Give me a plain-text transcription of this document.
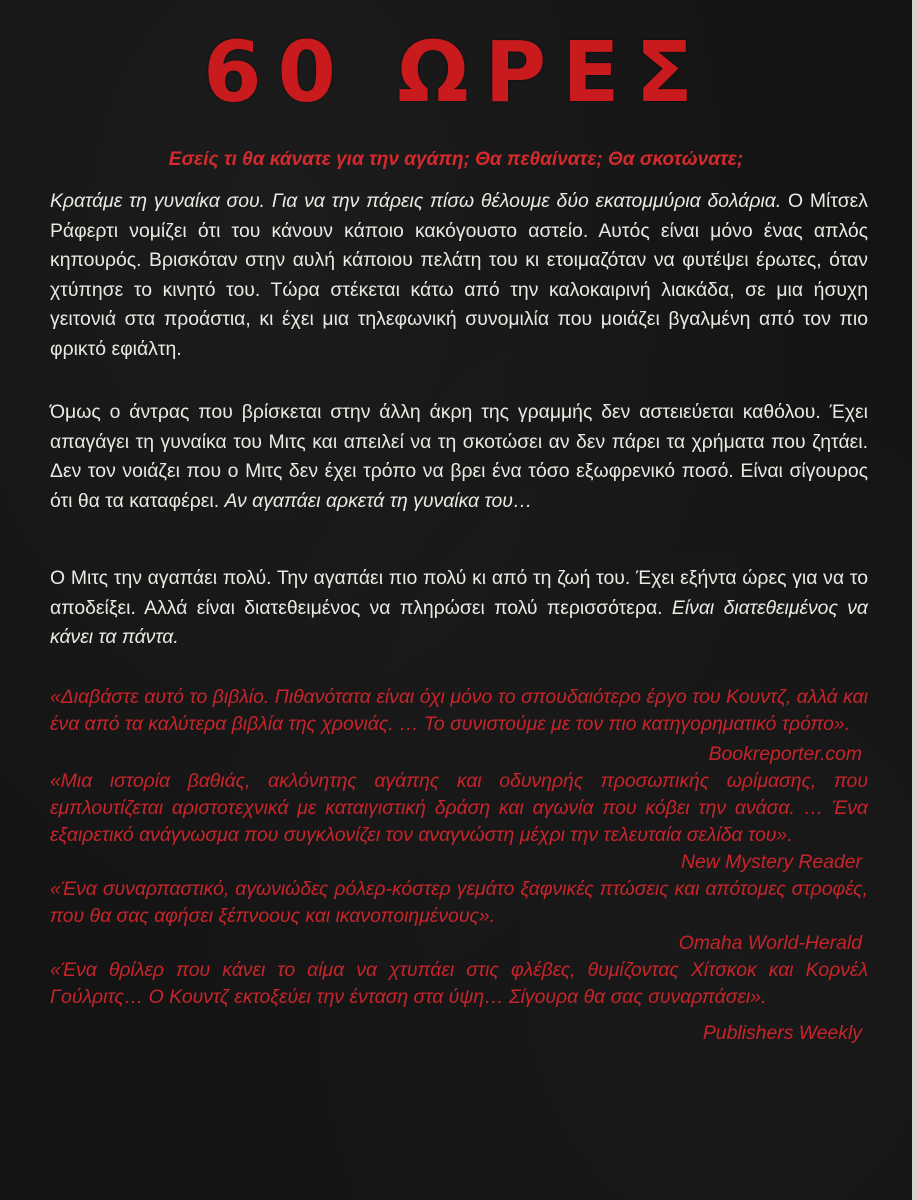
60 ΩΡΕΣ
Εσείς τι θα κάνατε για την αγάπη; Θα πεθαίνατε; Θα σκοτώνατε;
Κρατάμε τη γυναίκα σου. Για να την πάρεις πίσω θέλουμε δύο εκατομμύρια δολάρια. Ο Μίτσελ Ράφερτι νομίζει ότι του κάνουν κάποιο κακόγουστο αστείο. Αυτός είναι μόνο ένας απλός κηπουρός. Βρισκόταν στην αυλή κάποιου πελάτη του κι ετοιμαζόταν να φυτέψει έρωτες, όταν χτύπησε το κινητό του. Τώρα στέκεται κάτω από την καλοκαιρινή λιακάδα, σε μια ήσυχη γειτονιά στα προάστια, κι έχει μια τηλεφωνική συνομιλία που μοιάζει βγαλμένη από τον πιο φρικτό εφιάλτη.
Όμως ο άντρας που βρίσκεται στην άλλη άκρη της γραμμής δεν αστειεύεται καθόλου. Έχει απαγάγει τη γυναίκα του Μιτς και απειλεί να τη σκοτώσει αν δεν πάρει τα χρήματα που ζητάει. Δεν τον νοιάζει που ο Μιτς δεν έχει τρόπο να βρει ένα τόσο εξωφρενικό ποσό. Είναι σίγουρος ότι θα τα καταφέρει. Αν αγαπάει αρκετά τη γυναίκα του…
Ο Μιτς την αγαπάει πολύ. Την αγαπάει πιο πολύ κι από τη ζωή του. Έχει εξήντα ώρες για να το αποδείξει. Αλλά είναι διατεθειμένος να πληρώσει πολύ περισσότερα. Είναι διατεθειμένος να κάνει τα πάντα.

«Διαβάστε αυτό το βιβλίο. Πιθανότατα είναι όχι μόνο το σπουδαιότερο έργο του Κουντζ, αλλά και ένα από τα καλύτερα βιβλία της χρονιάς. … Το συνιστούμε με τον πιο κατηγορηματικό τρόπο».

Bookreporter.com

«Μια ιστορία βαθιάς, ακλόνητης αγάπης και οδυνηρής προσωπικής ωρίμασης, που εμπλουτίζεται αριστοτεχνικά με καταιγιστική δράση και αγωνία που κόβει την ανάσα. … Ένα εξαιρετικό ανάγνωσμα που συγκλονίζει τον αναγνώστη μέχρι την τελευταία σελίδα του».

New Mystery Reader

«Ένα συναρπαστικό, αγωνιώδες ρόλερ-κόστερ γεμάτο ξαφνικές πτώσεις και απότομες στροφές, που θα σας αφήσει ξέπνοους και ικανοποιημένους».

Omaha World-Herald

«Ένα θρίλερ που κάνει το αίμα να χτυπάει στις φλέβες, θυμίζοντας Χίτσκοκ και Κορνέλ Γούλριτς… Ο Κουντζ εκτοξεύει την ένταση στα ύψη… Σίγουρα θα σας συναρπάσει».

Publishers Weekly
